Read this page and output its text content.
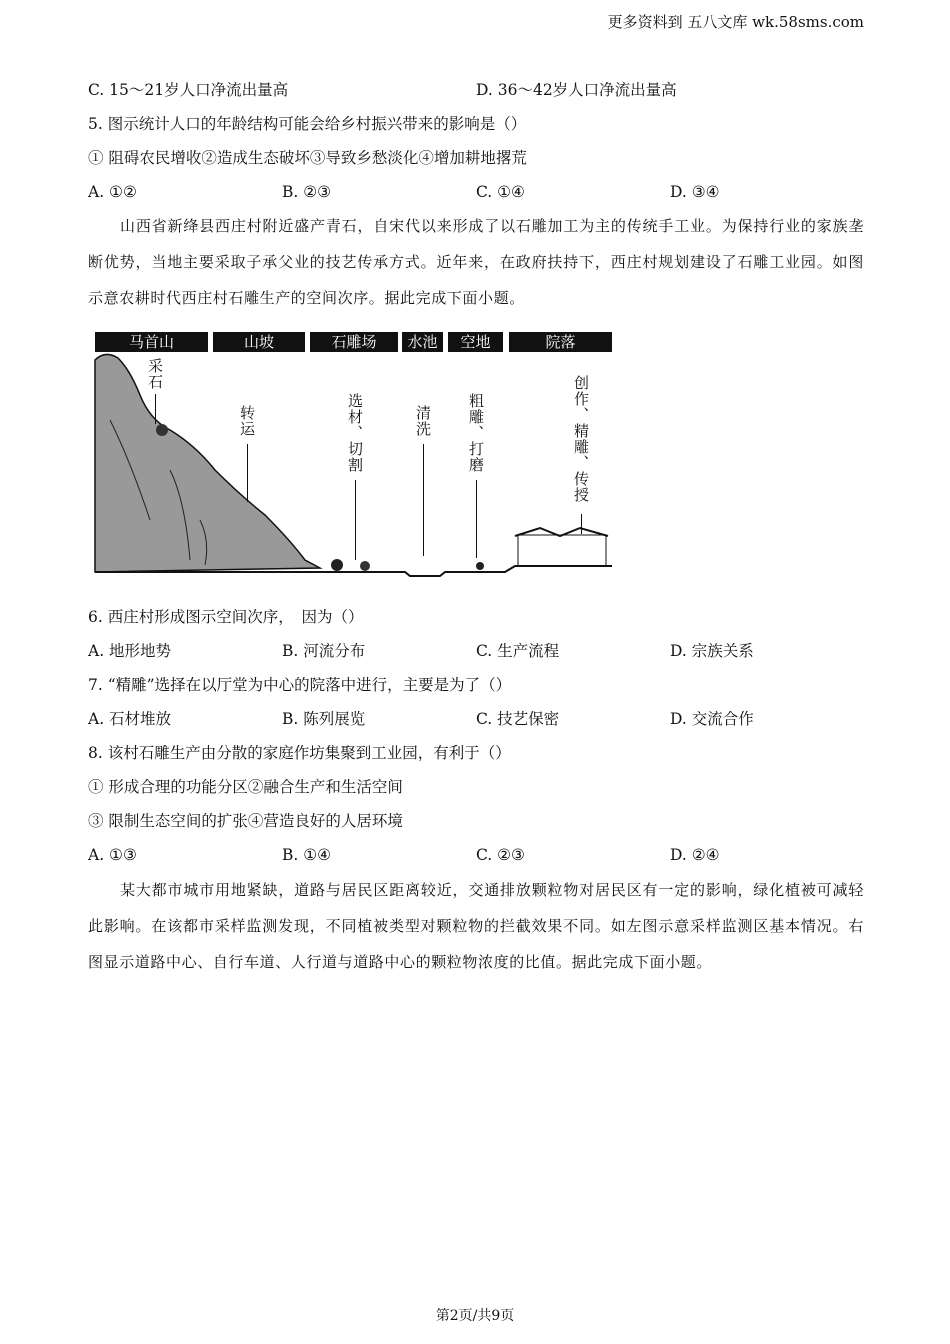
更多资料到 五八文库 wk.58sms.com
C. 15～21岁人口净流出量高	D. 36～42岁人口净流出量高
5. 图示统计人口的年龄结构可能会给乡村振兴带来的影响是（）
① 阻碍农民增收②造成生态破坏③导致乡愁淡化④增加耕地撂荒
A. ①②	B. ②③	C. ①④	D. ③④
山西省新绛县西庄村附近盛产青石，自宋代以来形成了以石雕加工为主的传统手工业。为保持行业的家族垄断优势，当地主要采取子承父业的技艺传承方式。近年来，在政府扶持下，西庄村规划建设了石雕工业园。如图示意农耕时代西庄村石雕生产的空间次序。据此完成下面小题。
马首山	山坡	石雕场	水池	空地	院落
采石
转运	选材、切割	清洗 粗雕、打磨	创作、精雕、传授
6. 西庄村形成图示空间次序，　因为（）
A. 地形地势	B. 河流分布	C. 生产流程	D. 宗族关系
7. “精雕”选择在以厅堂为中心的院落中进行，主要是为了（）
A. 石材堆放	B. 陈列展览	C. 技艺保密	D. 交流合作
8. 该村石雕生产由分散的家庭作坊集聚到工业园，有利于（）
① 形成合理的功能分区②融合生产和生活空间
③ 限制生态空间的扩张④营造良好的人居环境
A. ①③	B. ①④	C. ②③	D. ②④
某大都市城市用地紧缺，道路与居民区距离较近，交通排放颗粒物对居民区有一定的影响，绿化植被可减轻此影响。在该都市采样监测发现，不同植被类型对颗粒物的拦截效果不同。如左图示意采样监测区基本情况。右图显示道路中心、自行车道、人行道与道路中心的颗粒物浓度的比值。据此完成下面小题。
第2页/共9页
